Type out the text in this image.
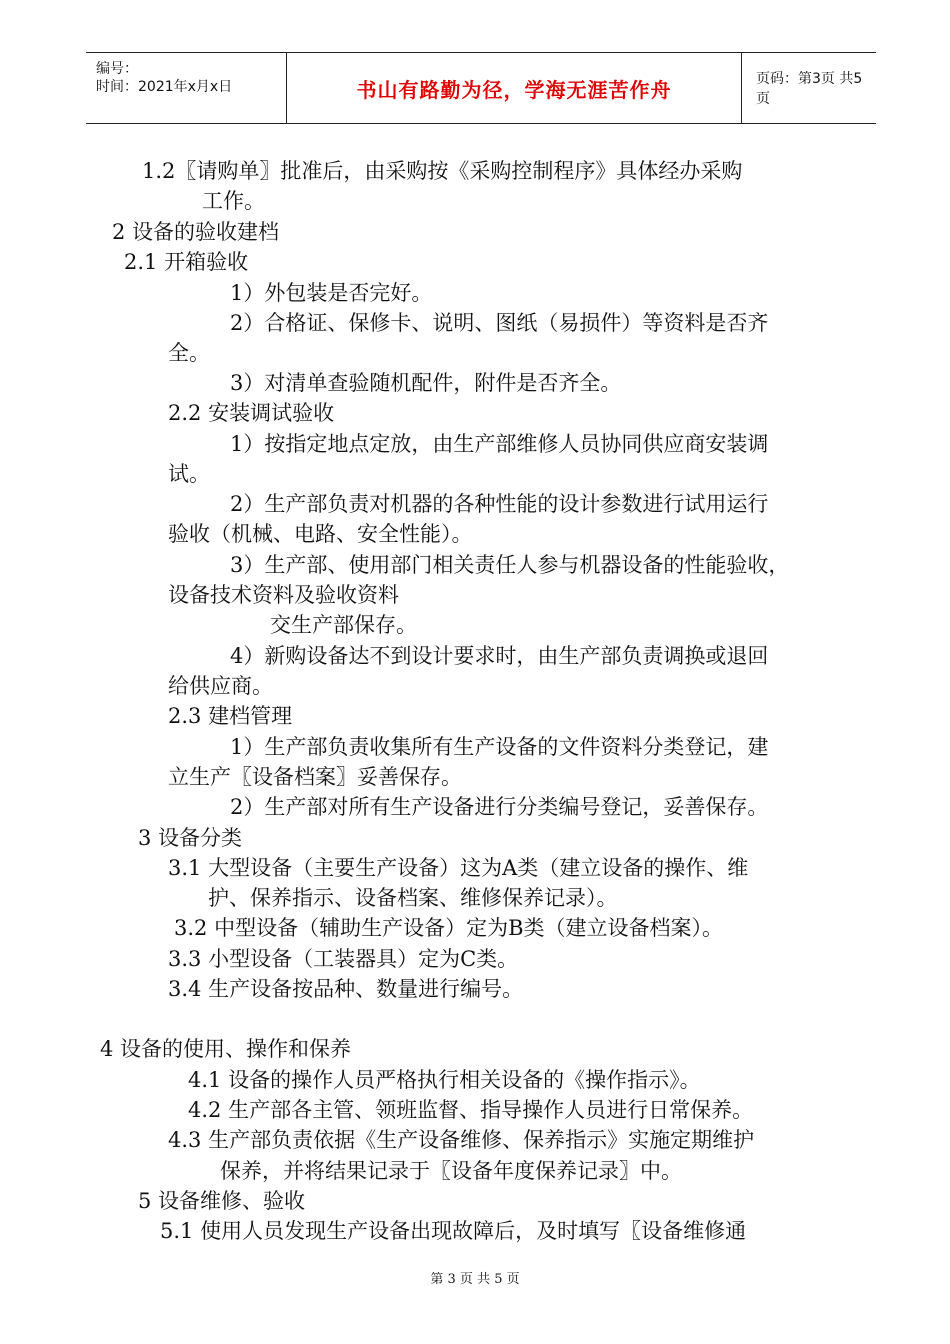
编号：
时间：2021年x月x日	书山有路勤为径，学海无涯苦作舟	页码：第3页 共5页
1.2〖请购单〗批准后，由采购按《采购控制程序》具体经办采购
工作。
2 设备的验收建档
2.1 开箱验收
1）外包装是否完好。
2）合格证、保修卡、说明、图纸（易损件）等资料是否齐
全。
3）对清单查验随机配件，附件是否齐全。
2.2 安装调试验收
1）按指定地点定放，由生产部维修人员协同供应商安装调
试。
2）生产部负责对机器的各种性能的设计参数进行试用运行
验收（机械、电路、安全性能）。
3）生产部、使用部门相关责任人参与机器设备的性能验收，
设备技术资料及验收资料
交生产部保存。
4）新购设备达不到设计要求时，由生产部负责调换或退回
给供应商。
2.3 建档管理
1）生产部负责收集所有生产设备的文件资料分类登记，建
立生产〖设备档案〗妥善保存。
2）生产部对所有生产设备进行分类编号登记，妥善保存。
3 设备分类
3.1 大型设备（主要生产设备）这为A类（建立设备的操作、维
护、保养指示、设备档案、维修保养记录）。
3.2 中型设备（辅助生产设备）定为B类（建立设备档案）。
3.3 小型设备（工装器具）定为C类。
3.4 生产设备按品种、数量进行编号。
4 设备的使用、操作和保养
4.1 设备的操作人员严格执行相关设备的《操作指示》。
4.2 生产部各主管、领班监督、指导操作人员进行日常保养。
4.3 生产部负责依据《生产设备维修、保养指示》实施定期维护
保养，并将结果记录于〖设备年度保养记录〗中。
5 设备维修、验收
5.1 使用人员发现生产设备出现故障后，及时填写〖设备维修通
第 3 页 共 5 页
